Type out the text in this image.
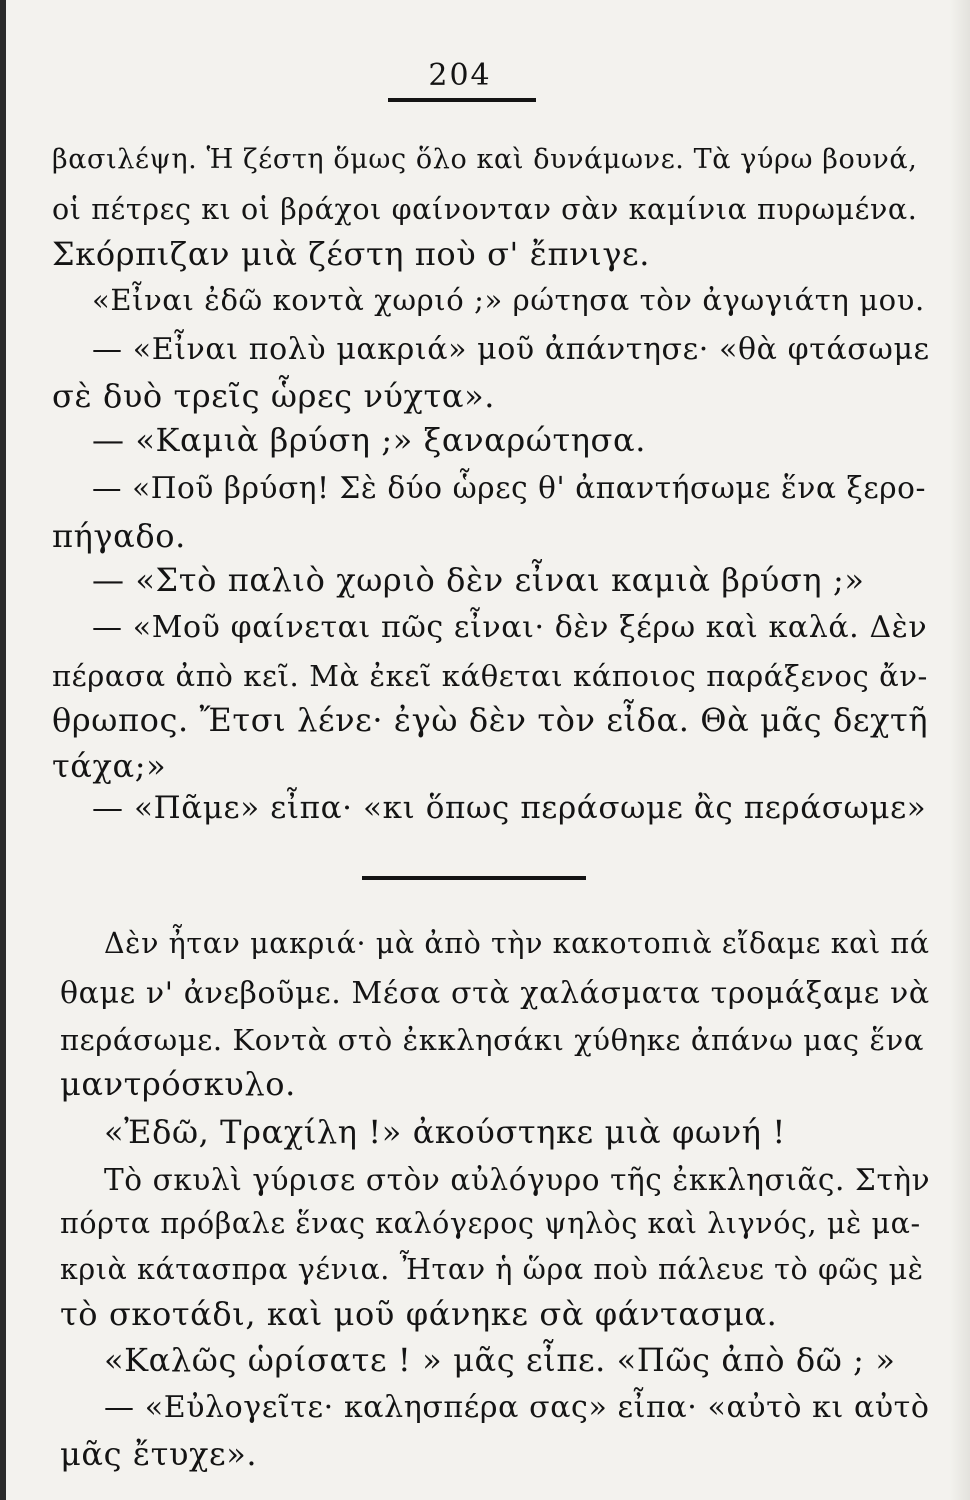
204
βασιλέψη. Ἡ ζέστη ὅμως ὅλο καὶ δυνάμωνε. Τὰ γύρω βουνά,
οἱ πέτρες κι οἱ βράχοι φαίνονταν σὰν καμίνια πυρωμένα.
Σκόρπιζαν μιὰ ζέστη ποὺ σ' ἔπνιγε.
«Εἶναι ἐδῶ κοντὰ χωριό ;» ρώτησα τὸν ἀγωγιάτη μου.
— «Εἶναι πολὺ μακριά» μοῦ ἀπάντησε· «θὰ φτάσωμε
σὲ δυὸ τρεῖς ὧρες νύχτα».
— «Καμιὰ βρύση ;» ξαναρώτησα.
— «Ποῦ βρύση! Σὲ δύο ὧρες θ' ἀπαντήσωμε ἕνα ξερο-
πήγαδο.
— «Στὸ παλιὸ χωριὸ δὲν εἶναι καμιὰ βρύση ;»
— «Μοῦ φαίνεται πῶς εἶναι· δὲν ξέρω καὶ καλά. Δὲν
πέρασα ἀπὸ κεῖ. Μὰ ἐκεῖ κάθεται κάποιος παράξενος ἄν-
θρωπος. Ἔτσι λένε· ἐγὼ δὲν τὸν εἶδα. Θὰ μᾶς δεχτῆ
τάχα;»
— «Πᾶμε» εἶπα· «κι ὅπως περάσωμε ἂς περάσωμε»
Δὲν ἦταν μακριά· μὰ ἀπὸ τὴν κακοτοπιὰ εἴδαμε καὶ πά
θαμε ν' ἀνεβοῦμε. Μέσα στὰ χαλάσματα τρομάξαμε νὰ
περάσωμε. Κοντὰ στὸ ἐκκλησάκι χύθηκε ἀπάνω μας ἕνα
μαντρόσκυλο.
«Ἐδῶ, Τραχίλη !» ἀκούστηκε μιὰ φωνή !
Τὸ σκυλὶ γύρισε στὸν αὐλόγυρο τῆς ἐκκλησιᾶς. Στὴν
πόρτα πρόβαλε ἕνας καλόγερος ψηλὸς καὶ λιγνός, μὲ μα-
κριὰ κάτασπρα γένια. Ἦταν ἡ ὥρα ποὺ πάλευε τὸ φῶς μὲ
τὸ σκοτάδι, καὶ μοῦ φάνηκε σὰ φάντασμα.
«Καλῶς ὡρίσατε ! » μᾶς εἶπε. «Πῶς ἀπὸ δῶ ; »
— «Εὐλογεῖτε· καλησπέρα σας» εἶπα· «αὐτὸ κι αὐτὸ
μᾶς ἔτυχε».
